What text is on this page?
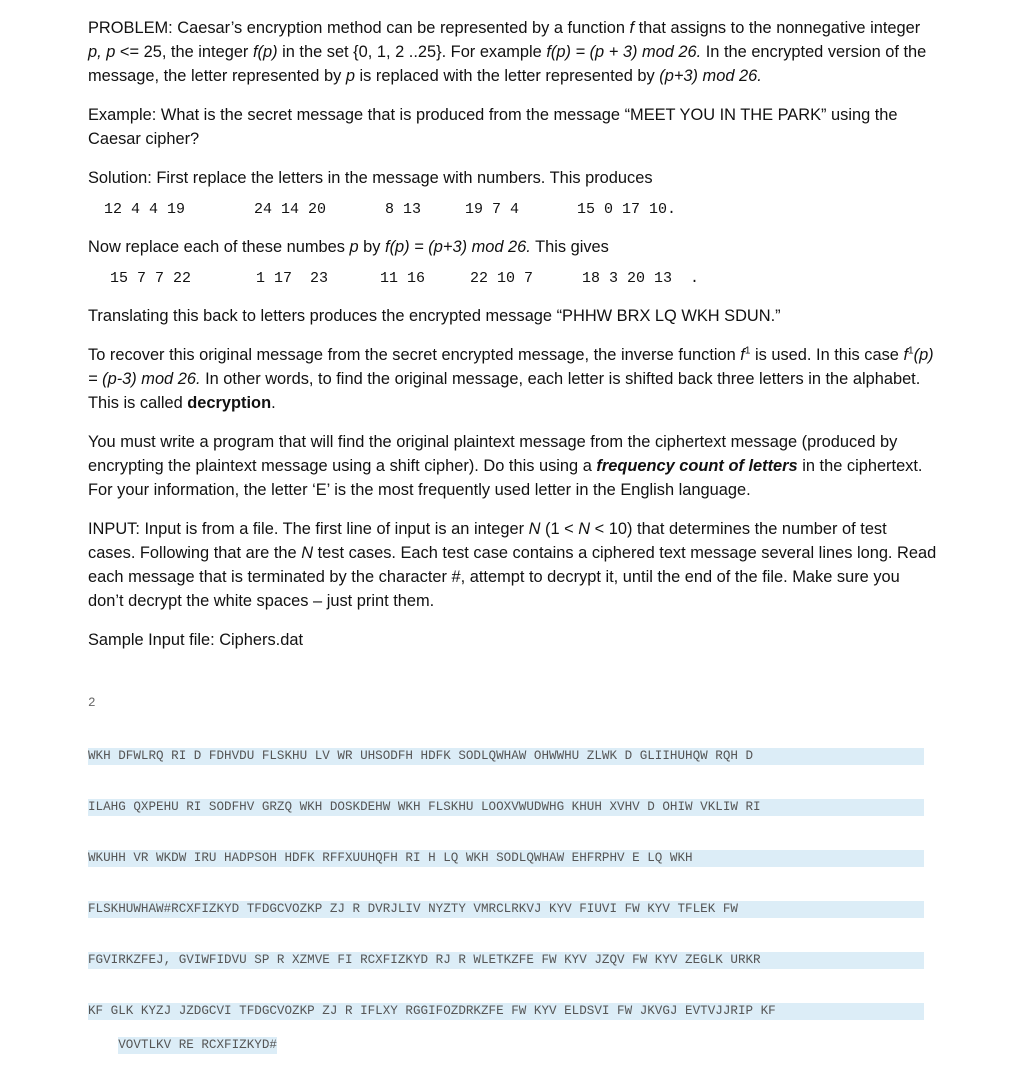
PROBLEM: Caesar’s encryption method can be represented by a function f that assigns to the nonnegative integer p, p <= 25, the integer f(p) in the set {0, 1, 2 ..25}. For example f(p) = (p + 3) mod 26. In the encrypted version of the message, the letter represented by p is replaced with the letter represented by (p+3) mod 26.

Example: What is the secret message that is produced from the message “MEET YOU IN THE PARK” using the Caesar cipher?

Solution: First replace the letters in the message with numbers. This produces

12 4 4 19	24 14 20	8 13	19 7 4	15 0 17 10.

Now replace each of these numbes p by f(p) = (p+3) mod 26. This gives

15 7 7 22	1 17  23	11 16	22 10 7	18 3 20 13  .

Translating this back to letters produces the encrypted message “PHHW BRX LQ WKH SDUN.”

To recover this original message from the secret encrypted message, the inverse function $f^1$ is used. In this case $f^1(p) = (p-3)$ mod 26. In other words, to find the original message, each letter is shifted back three letters in the alphabet. This is called decryption.

You must write a program that will find the original plaintext message from the ciphertext message (produced by encrypting the plaintext message using a shift cipher). Do this using a frequency count of letters in the ciphertext. For your information, the letter ‘E’ is the most frequently used letter in the English language.

INPUT: Input is from a file. The first line of input is an integer N (1 < N < 10) that determines the number of test cases. Following that are the N test cases. Each test case contains a ciphered text message several lines long. Read each message that is terminated by the character #, attempt to decrypt it, until the end of the file. Make sure you don’t decrypt the white spaces – just print them.

Sample Input file: Ciphers.dat

2

WKH DFWLRQ RI D FDHVDU FLSKHU LV WR UHSODFH HDFK SODLQWHAW OHWWHU ZLWK D GLIIHUHQW RQH D

ILAHG QXPEHU RI SODFHV GRZQ WKH DOSKDEHW WKH FLSKHU LOOXVWUDWHG KHUH XVHV D OHIW VKLIW RI

WKUHH VR WKDW IRU HADPSOH HDFK RFFXUUHQFH RI H LQ WKH SODLQWHAW EHFRPHV E LQ WKH

FLSKHUWHAW#RCXFIZKYD TFDGCVOZKP ZJ R DVRJLIV NYZTY VMRCLRKVJ KYV FIUVI FW KYV TFLEK FW

FGVIRKZFEJ, GVIWFIDVU SP R XZMVE FI RCXFIZKYD RJ R WLETKZFE FW KYV JZQV FW KYV ZEGLK URKR

KF GLK KYZJ JZDGCVI TFDGCVOZKP ZJ R IFLXY RGGIFOZDRKZFE FW KYV ELDSVI FW JKVGJ EVTVJJRIP KF

VOVTLKV RE RCXFIZKYD#
